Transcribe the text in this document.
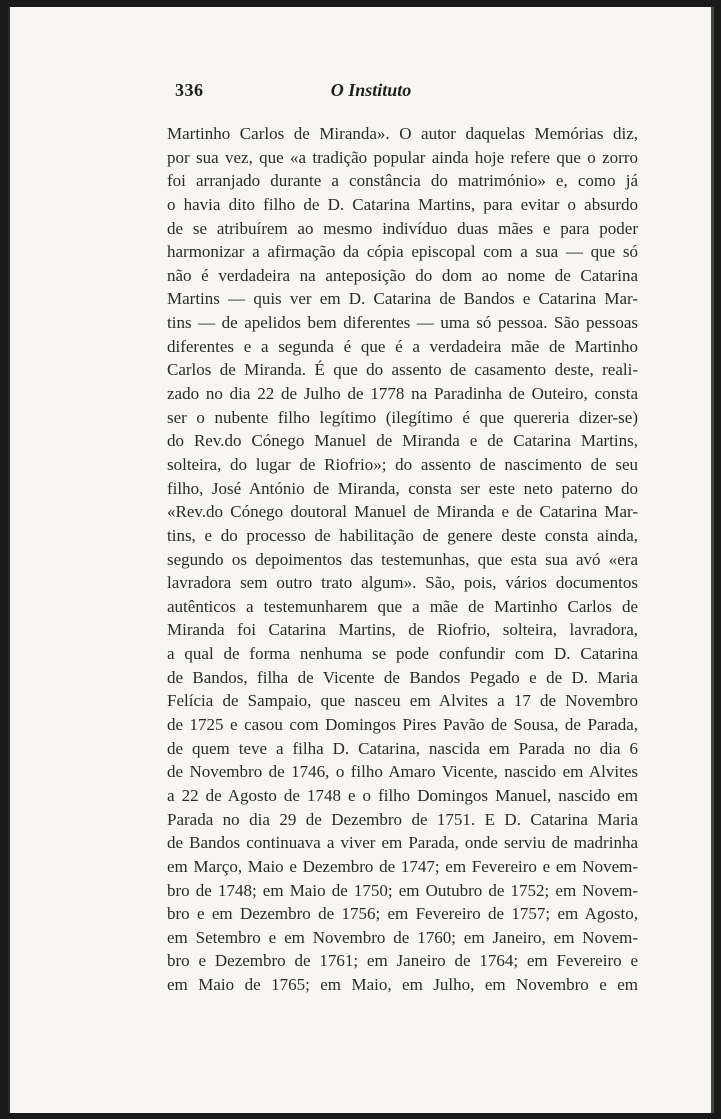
336	O Instituto
Martinho Carlos de Miranda». O autor daquelas Memórias diz,
por sua vez, que «a tradição popular ainda hoje refere que o zorro
foi arranjado durante a constância do matrimónio» e, como já
o havia dito filho de D. Catarina Martins, para evitar o absurdo
de se atribuírem ao mesmo indivíduo duas mães e para poder
harmonizar a afirmação da cópia episcopal com a sua — que só
não é verdadeira na anteposição do dom ao nome de Catarina
Martins — quis ver em D. Catarina de Bandos e Catarina Mar-
tins — de apelidos bem diferentes — uma só pessoa. São pessoas
diferentes e a segunda é que é a verdadeira mãe de Martinho
Carlos de Miranda. É que do assento de casamento deste, reali-
zado no dia 22 de Julho de 1778 na Paradinha de Outeiro, consta
ser o nubente filho legítimo (ilegítimo é que quereria dizer-se)
do Rev.do Cónego Manuel de Miranda e de Catarina Martins,
solteira, do lugar de Riofrio»; do assento de nascimento de seu
filho, José António de Miranda, consta ser este neto paterno do
«Rev.do Cónego doutoral Manuel de Miranda e de Catarina Mar-
tins, e do processo de habilitação de genere deste consta ainda,
segundo os depoimentos das testemunhas, que esta sua avó «era
lavradora sem outro trato algum». São, pois, vários documentos
autênticos a testemunharem que a mãe de Martinho Carlos de
Miranda foi Catarina Martins, de Riofrio, solteira, lavradora,
a qual de forma nenhuma se pode confundir com D. Catarina
de Bandos, filha de Vicente de Bandos Pegado e de D. Maria
Felícia de Sampaio, que nasceu em Alvites a 17 de Novembro
de 1725 e casou com Domingos Pires Pavão de Sousa, de Parada,
de quem teve a filha D. Catarina, nascida em Parada no dia 6
de Novembro de 1746, o filho Amaro Vicente, nascido em Alvites
a 22 de Agosto de 1748 e o filho Domingos Manuel, nascido em
Parada no dia 29 de Dezembro de 1751. E D. Catarina Maria
de Bandos continuava a viver em Parada, onde serviu de madrinha
em Março, Maio e Dezembro de 1747; em Fevereiro e em Novem-
bro de 1748; em Maio de 1750; em Outubro de 1752; em Novem-
bro e em Dezembro de 1756; em Fevereiro de 1757; em Agosto,
em Setembro e em Novembro de 1760; em Janeiro, em Novem-
bro e Dezembro de 1761; em Janeiro de 1764; em Fevereiro e
em Maio de 1765; em Maio, em Julho, em Novembro e em
